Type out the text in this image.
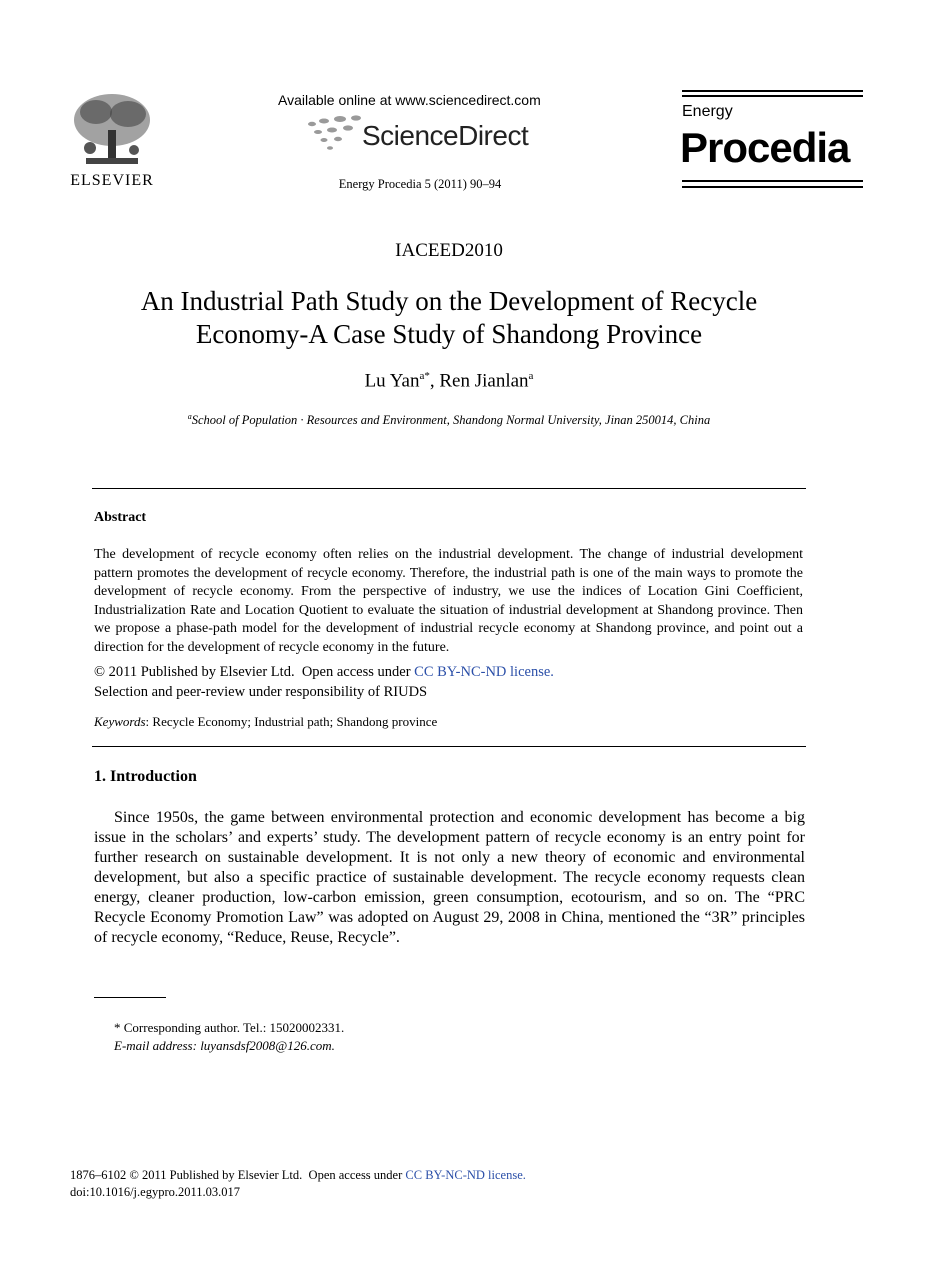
ELSEVIER
Available online at www.sciencedirect.com
ScienceDirect
Energy Procedia 5 (2011) 90–94
Energy
Procedia
IACEED2010
An Industrial Path Study on the Development of Recycle
Economy-A Case Study of Shandong Province
Lu Yan$^{a*}$, Ren Jianlan$^a$
$^a$School of Population · Resources and Environment, Shandong Normal University, Jinan 250014, China
Abstract
The development of recycle economy often relies on the industrial development. The change of industrial development pattern promotes the development of recycle economy. Therefore, the industrial path is one of the main ways to promote the development of recycle economy. From the perspective of industry, we use the indices of Location Gini Coefficient, Industrialization Rate and Location Quotient to evaluate the situation of industrial development at Shandong province. Then we propose a phase-path model for the development of industrial recycle economy at Shandong province, and point out a direction for the development of recycle economy in the future.
© 2011 Published by Elsevier Ltd. Open access under CC BY-NC-ND license.
Selection and peer-review under responsibility of RIUDS
Keywords: Recycle Economy; Industrial path; Shandong province
1. Introduction
Since 1950s, the game between environmental protection and economic development has become a big issue in the scholars’ and experts’ study. The development pattern of recycle economy is an entry point for further research on sustainable development. It is not only a new theory of economic and environmental development, but also a specific practice of sustainable development. The recycle economy requests clean energy, cleaner production, low-carbon emission, green consumption, ecotourism, and so on. The “PRC Recycle Economy Promotion Law” was adopted on August 29, 2008 in China, mentioned the “3R” principles of recycle economy, “Reduce, Reuse, Recycle”.
* Corresponding author. Tel.: 15020002331.
E-mail address: luyansdsf2008@126.com.
1876–6102 © 2011 Published by Elsevier Ltd. Open access under CC BY-NC-ND license.
doi:10.1016/j.egypro.2011.03.017
